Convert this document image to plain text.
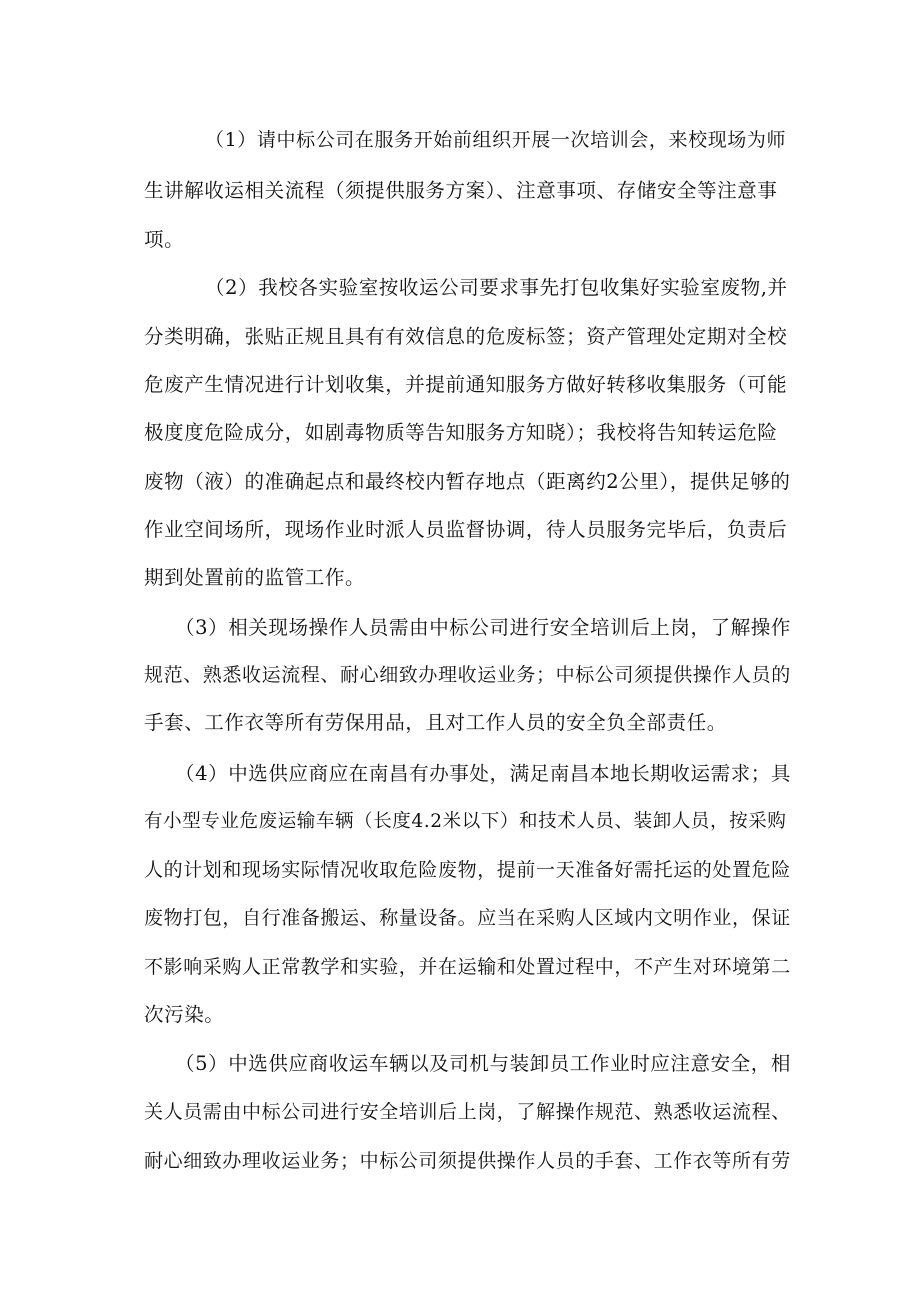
（1）请中标公司在服务开始前组织开展一次培训会，来校现场为师
生讲解收运相关流程（须提供服务方案）、注意事项、存储安全等注意事
项。
（2）我校各实验室按收运公司要求事先打包收集好实验室废物,并
分类明确，张贴正规且具有有效信息的危废标签；资产管理处定期对全校
危废产生情况进行计划收集，并提前通知服务方做好转移收集服务（可能
极度度危险成分，如剧毒物质等告知服务方知晓）；我校将告知转运危险
废物（液）的准确起点和最终校内暂存地点（距离约2公里），提供足够的
作业空间场所，现场作业时派人员监督协调，待人员服务完毕后，负责后
期到处置前的监管工作。
（3）相关现场操作人员需由中标公司进行安全培训后上岗，了解操作
规范、熟悉收运流程、耐心细致办理收运业务；中标公司须提供操作人员的
手套、工作衣等所有劳保用品，且对工作人员的安全负全部责任。
（4）中选供应商应在南昌有办事处，满足南昌本地长期收运需求；具
有小型专业危废运输车辆（长度4.2米以下）和技术人员、装卸人员，按采购
人的计划和现场实际情况收取危险废物，提前一天准备好需托运的处置危险
废物打包，自行准备搬运、称量设备。应当在采购人区域内文明作业，保证
不影响采购人正常教学和实验，并在运输和处置过程中，不产生对环境第二
次污染。
（5）中选供应商收运车辆以及司机与装卸员工作业时应注意安全，相
关人员需由中标公司进行安全培训后上岗，了解操作规范、熟悉收运流程、
耐心细致办理收运业务；中标公司须提供操作人员的手套、工作衣等所有劳
